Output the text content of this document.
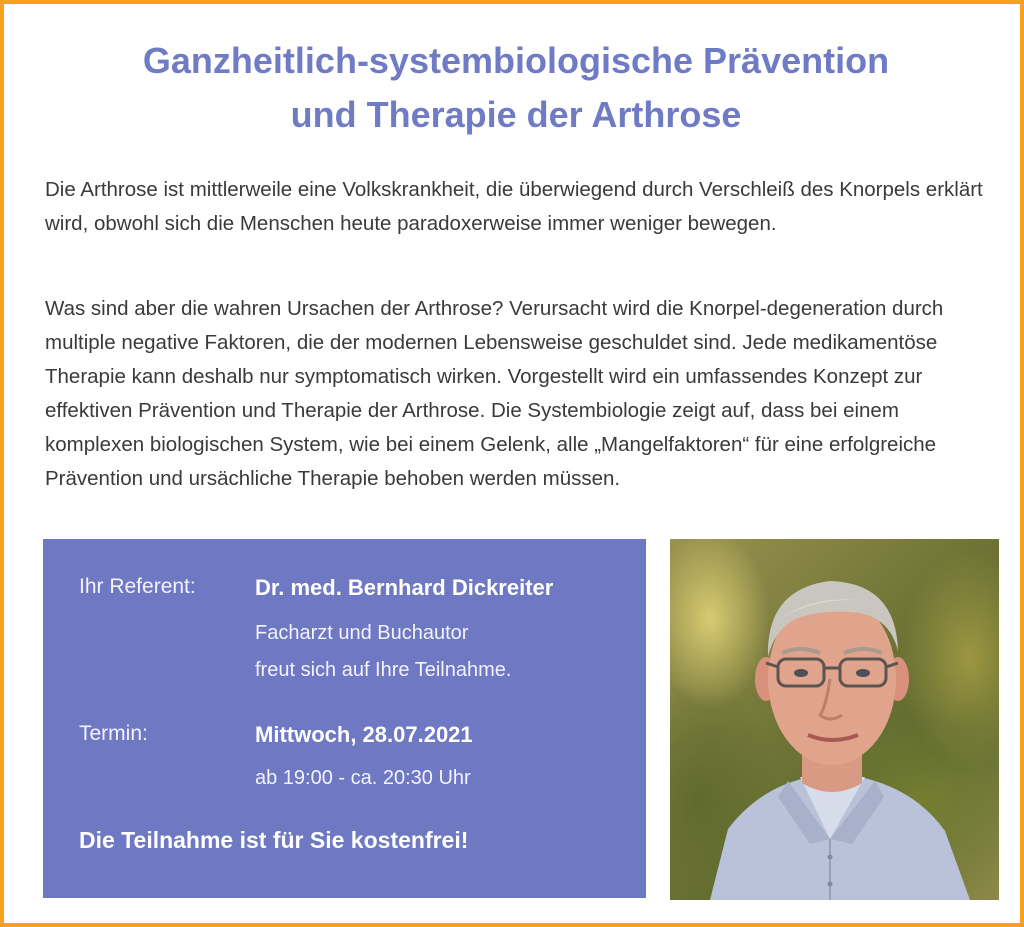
Ganzheitlich-systembiologische Prävention
und Therapie der Arthrose

Die Arthrose ist mittlerweile eine Volkskrankheit, die überwiegend durch Verschleiß des Knorpels erklärt wird, obwohl sich die Menschen heute paradoxerweise immer weniger bewegen.

Was sind aber die wahren Ursachen der Arthrose? Verursacht wird die Knorpel-degeneration durch multiple negative Faktoren, die der modernen Lebensweise geschuldet sind. Jede medikamentöse Therapie kann deshalb nur symptomatisch wirken. Vorgestellt wird ein umfassendes Konzept zur effektiven Prävention und Therapie der Arthrose. Die Systembiologie zeigt auf, dass bei einem komplexen biologischen System, wie bei einem Gelenk, alle „Mangelfaktoren“ für eine erfolgreiche Prävention und ursächliche Therapie behoben werden müssen.

Ihr Referent:	Dr. med. Bernhard Dickreiter

Facharzt und Buchautor

freut sich auf Ihre Teilnahme.

Termin:	Mittwoch, 28.07.2021

ab 19:00 - ca. 20:30 Uhr

Die Teilnahme ist für Sie kostenfrei!
